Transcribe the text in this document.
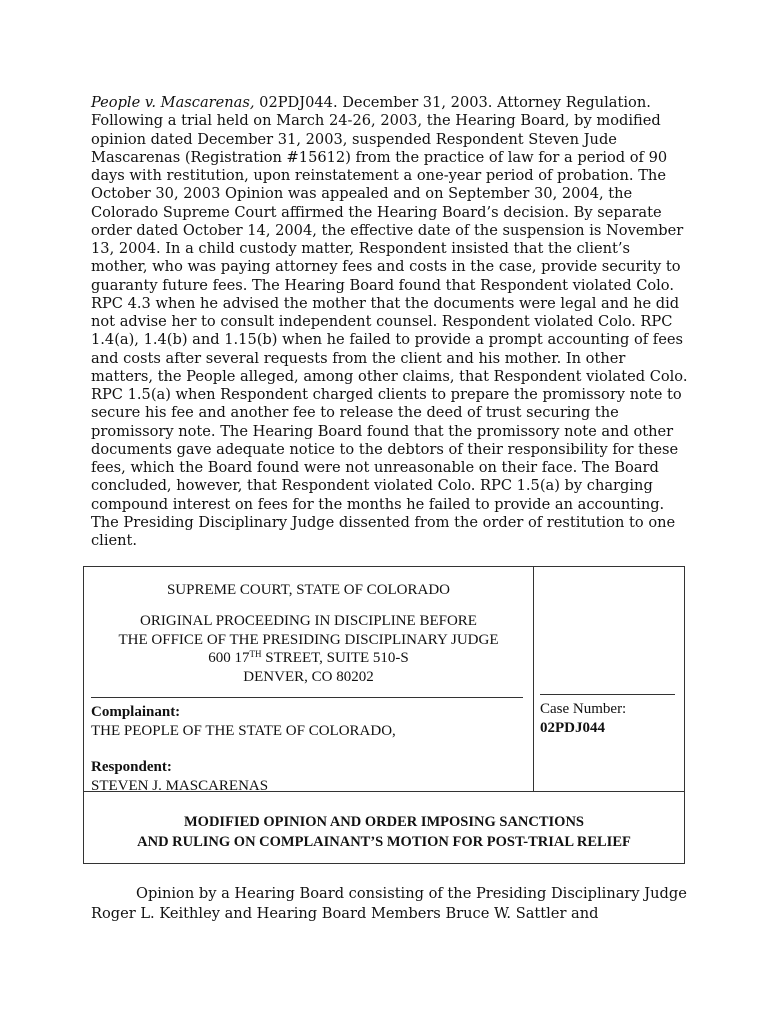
People v. Mascarenas, 02PDJ044. December 31, 2003. Attorney Regulation. Following a trial held on March 24-26, 2003, the Hearing Board, by modified opinion dated December 31, 2003, suspended Respondent Steven Jude Mascarenas (Registration #15612) from the practice of law for a period of 90 days with restitution, upon reinstatement a one-year period of probation. The October 30, 2003 Opinion was appealed and on September 30, 2004, the Colorado Supreme Court affirmed the Hearing Board’s decision. By separate order dated October 14, 2004, the effective date of the suspension is November 13, 2004. In a child custody matter, Respondent insisted that the client’s mother, who was paying attorney fees and costs in the case, provide security to guaranty future fees. The Hearing Board found that Respondent violated Colo. RPC 4.3 when he advised the mother that the documents were legal and he did not advise her to consult independent counsel. Respondent violated Colo. RPC 1.4(a), 1.4(b) and 1.15(b) when he failed to provide a prompt accounting of fees and costs after several requests from the client and his mother. In other matters, the People alleged, among other claims, that Respondent violated Colo. RPC 1.5(a) when Respondent charged clients to prepare the promissory note to secure his fee and another fee to release the deed of trust securing the promissory note. The Hearing Board found that the promissory note and other documents gave adequate notice to the debtors of their responsibility for these fees, which the Board found were not unreasonable on their face. The Board concluded, however, that Respondent violated Colo. RPC 1.5(a) by charging compound interest on fees for the months he failed to provide an accounting. The Presiding Disciplinary Judge dissented from the order of restitution to one client.

SUPREME COURT, STATE OF COLORADO
ORIGINAL PROCEEDING IN DISCIPLINE BEFORE
THE OFFICE OF THE PRESIDING DISCIPLINARY JUDGE
600 17TH STREET, SUITE 510-S
DENVER, CO 80202
Complainant:
THE PEOPLE OF THE STATE OF COLORADO,
Respondent:
STEVEN J. MASCARENAS
Case Number:
02PDJ044
MODIFIED OPINION AND ORDER IMPOSING SANCTIONS
AND RULING ON COMPLAINANT’S MOTION FOR POST-TRIAL RELIEF

Opinion by a Hearing Board consisting of the Presiding Disciplinary Judge Roger L. Keithley and Hearing Board Members Bruce W. Sattler and
